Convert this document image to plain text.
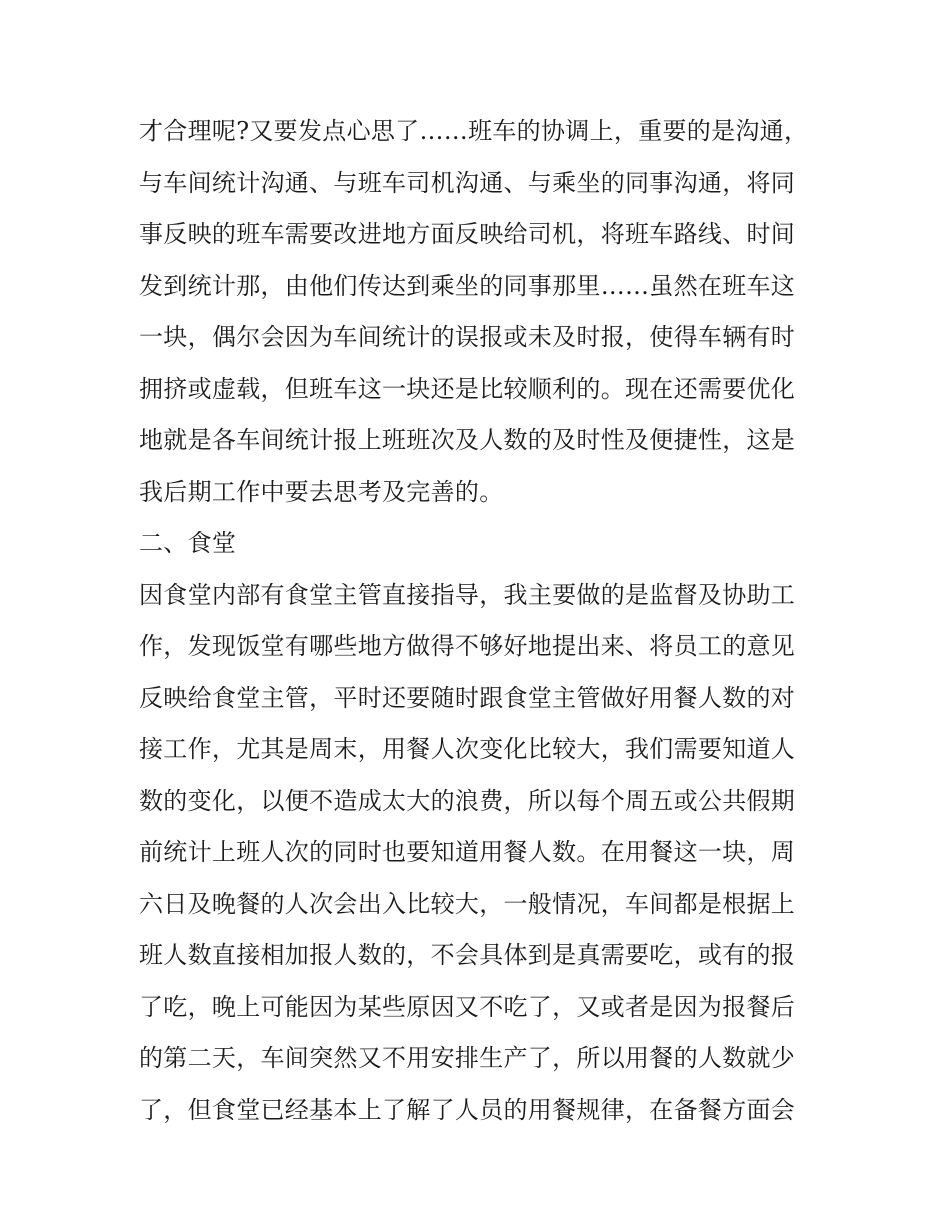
才合理呢?又要发点心思了……班车的协调上，重要的是沟通，
与车间统计沟通、与班车司机沟通、与乘坐的同事沟通，将同
事反映的班车需要改进地方面反映给司机，将班车路线、时间
发到统计那，由他们传达到乘坐的同事那里……虽然在班车这
一块，偶尔会因为车间统计的误报或未及时报，使得车辆有时
拥挤或虚载，但班车这一块还是比较顺利的。现在还需要优化
地就是各车间统计报上班班次及人数的及时性及便捷性，这是
我后期工作中要去思考及完善的。
二、食堂
因食堂内部有食堂主管直接指导，我主要做的是监督及协助工
作，发现饭堂有哪些地方做得不够好地提出来、将员工的意见
反映给食堂主管，平时还要随时跟食堂主管做好用餐人数的对
接工作，尤其是周末，用餐人次变化比较大，我们需要知道人
数的变化，以便不造成太大的浪费，所以每个周五或公共假期
前统计上班人次的同时也要知道用餐人数。在用餐这一块，周
六日及晚餐的人次会出入比较大，一般情况，车间都是根据上
班人数直接相加报人数的，不会具体到是真需要吃，或有的报
了吃，晚上可能因为某些原因又不吃了，又或者是因为报餐后
的第二天，车间突然又不用安排生产了，所以用餐的人数就少
了，但食堂已经基本上了解了人员的用餐规律，在备餐方面会
